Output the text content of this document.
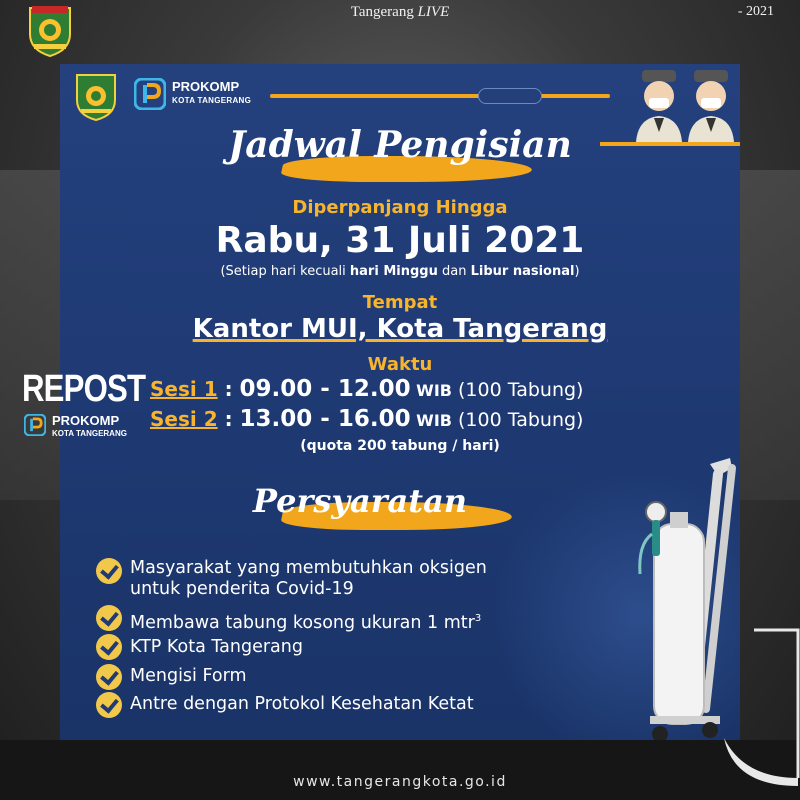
Tangerang LIVE	- 2021
PROKOMP
KOTA TANGERANG
Jadwal Pengisian
Diperpanjang Hingga
Rabu, 31 Juli 2021
(Setiap hari kecuali hari Minggu dan Libur nasional)
Tempat
Kantor MUI, Kota Tangerang
Waktu
Sesi 1 : 09.00 - 12.00 WIB (100 Tabung)
Sesi 2 : 13.00 - 16.00 WIB (100 Tabung)
(quota 200 tabung / hari)
Persyaratan
Masyarakat yang membutuhkan oksigen
untuk penderita Covid-19
Membawa tabung kosong ukuran 1 mtr$^3$
KTP Kota Tangerang
Mengisi Form
Antre dengan Protokol Kesehatan Ketat
REPOST
PROKOMP
KOTA TANGERANG
www.tangerangkota.go.id
